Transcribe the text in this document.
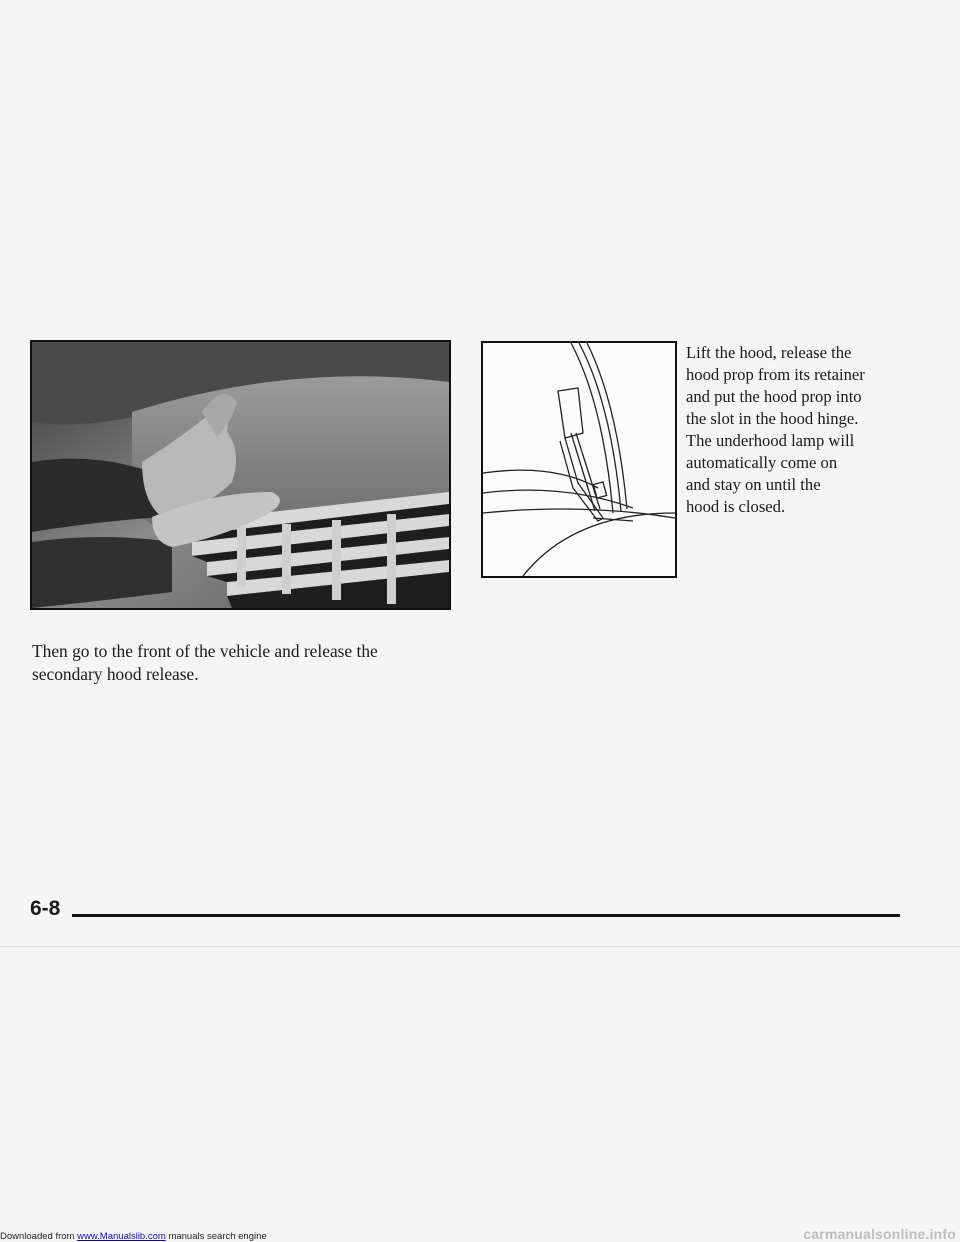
Lift the hood, release the
hood prop from its retainer
and put the hood prop into
the slot in the hood hinge.
The underhood lamp will
automatically come on
and stay on until the
hood is closed.

Then go to the front of the vehicle and release the
secondary hood release.

6-8

Downloaded from www.Manualslib.com manuals search engine	carmanualsonline.info
